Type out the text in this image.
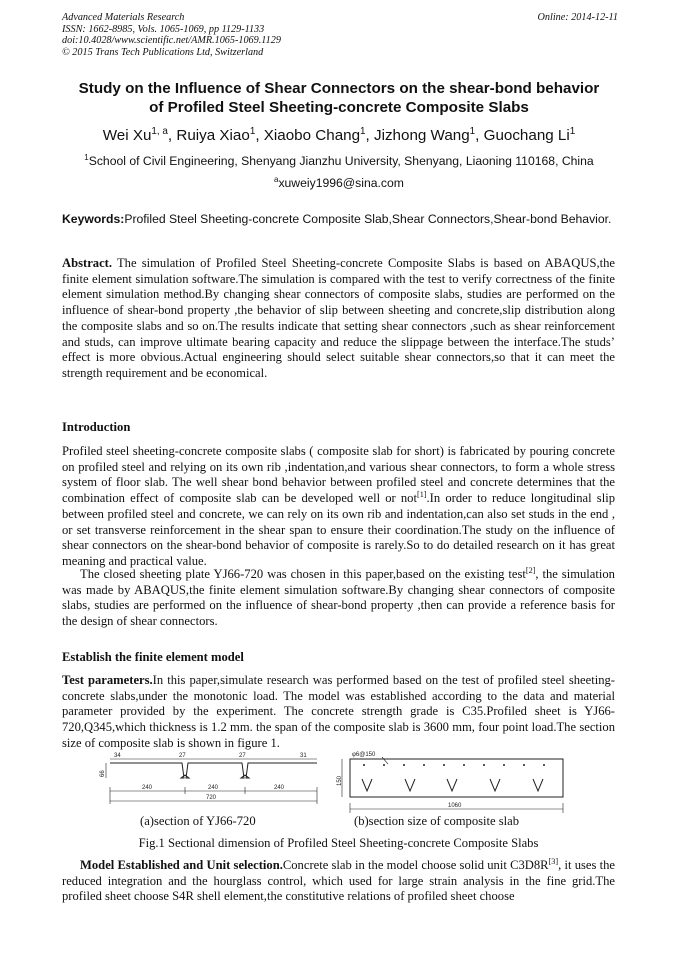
Advanced Materials Research
ISSN: 1662-8985, Vols. 1065-1069, pp 1129-1133
doi:10.4028/www.scientific.net/AMR.1065-1069.1129
© 2015 Trans Tech Publications Ltd, Switzerland
Online: 2014-12-11
Study on the Influence of Shear Connectors on the shear-bond behavior
of Profiled Steel Sheeting-concrete Composite Slabs
Wei Xu$^{1, a}$, Ruiya Xiao$^1$, Xiaobo Chang$^1$, Jizhong Wang$^1$, Guochang Li$^1$
$^1$School of Civil Engineering, Shenyang Jianzhu University, Shenyang, Liaoning 110168, China
$^a$xuweiy1996@sina.com
Keywords:Profiled Steel Sheeting-concrete Composite Slab,Shear Connectors,Shear-bond Behavior.
Abstract. The simulation of Profiled Steel Sheeting-concrete Composite Slabs is based on ABAQUS,the finite element simulation software.The simulation is compared with the test to verify correctness of the finite element simulation method.By changing shear connectors of composite slabs, studies are performed on the influence of shear-bond property ,the behavior of slip between sheeting and concrete,slip distribution along the composite slabs and so on.The results indicate that setting shear connectors ,such as shear reinforcement and studs, can improve ultimate bearing capacity and reduce the slippage between the interface.The studs’ effect is more obvious.Actual engineering should select suitable shear connectors,so that it can meet the strength requirement and be economical.
Introduction
Profiled steel sheeting-concrete composite slabs ( composite slab for short) is fabricated by pouring concrete on profiled steel and relying on its own rib ,indentation,and various shear connectors, to form a whole stress system of floor slab. The well shear bond behavior between profiled steel and concrete determines that the combination effect of composite slab can be developed well or not[1].In order to reduce longitudinal slip between profiled steel and concrete, we can rely on its own rib and indentation,can also set studs in the end , or set transverse reinforcement in the shear span to ensure their coordination.The study on the influence of shear connectors on the shear-bond behavior of composite is rarely.So to do detailed research on it has great meaning and practical value.
The closed sheeting plate YJ66-720 was chosen in this paper,based on the existing test[2], the simulation was made by ABAQUS,the finite element simulation software.By changing shear connectors of composite slabs, studies are performed on the influence of shear-bond property ,then can provide a reference basis for the design of shear connectors.
Establish the finite element model
Test parameters.In this paper,simulate research was performed based on the test of profiled steel sheeting-concrete slabs,under the monotonic load. The model was established according to the data and material parameter provided by the experiment. The concrete strength grade is C35.Profiled sheet is YJ66-720,Q345,which thickness is 1.2 mm. the span of the composite slab is 3600 mm, four point load.The section size of composite slab is shown in figure 1.
34	27	27	31
66
240	240	240
720
φ6@150
150
1060
(a)section of YJ66-720	(b)section size of composite slab
Fig.1 Sectional dimension of Profiled Steel Sheeting-concrete Composite Slabs
Model Established and Unit selection.Concrete slab in the model choose solid unit C3D8R[3], it uses the reduced integration and the hourglass control, which used for large strain analysis in the fine grid.The profiled sheet choose S4R shell element,the constitutive relations of profiled sheet choose
